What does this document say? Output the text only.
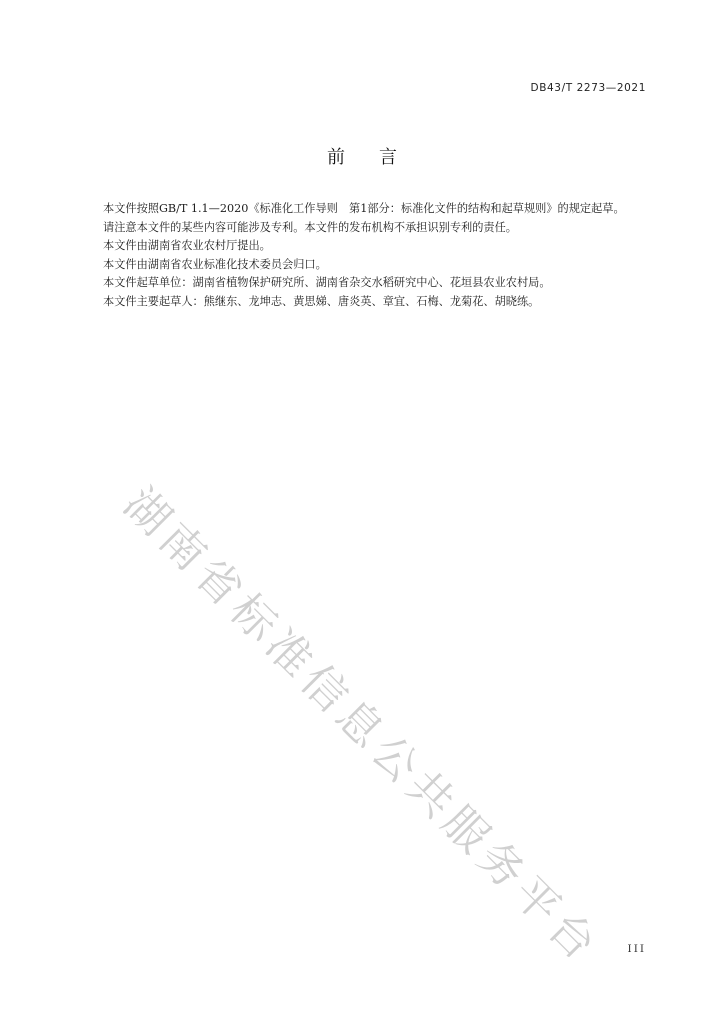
DB43/T 2273—2021
前言

本文件按照GB/T 1.1—2020《标准化工作导则　第1部分：标准化文件的结构和起草规则》的规定起草。

请注意本文件的某些内容可能涉及专利。本文件的发布机构不承担识别专利的责任。

本文件由湖南省农业农村厅提出。

本文件由湖南省农业标准化技术委员会归口。

本文件起草单位：湖南省植物保护研究所、湖南省杂交水稻研究中心、花垣县农业农村局。

本文件主要起草人：熊继东、龙坤志、黄思娣、唐炎英、章宜、石梅、龙菊花、胡晓练。

湖南省标准信息公共服务平台 III
